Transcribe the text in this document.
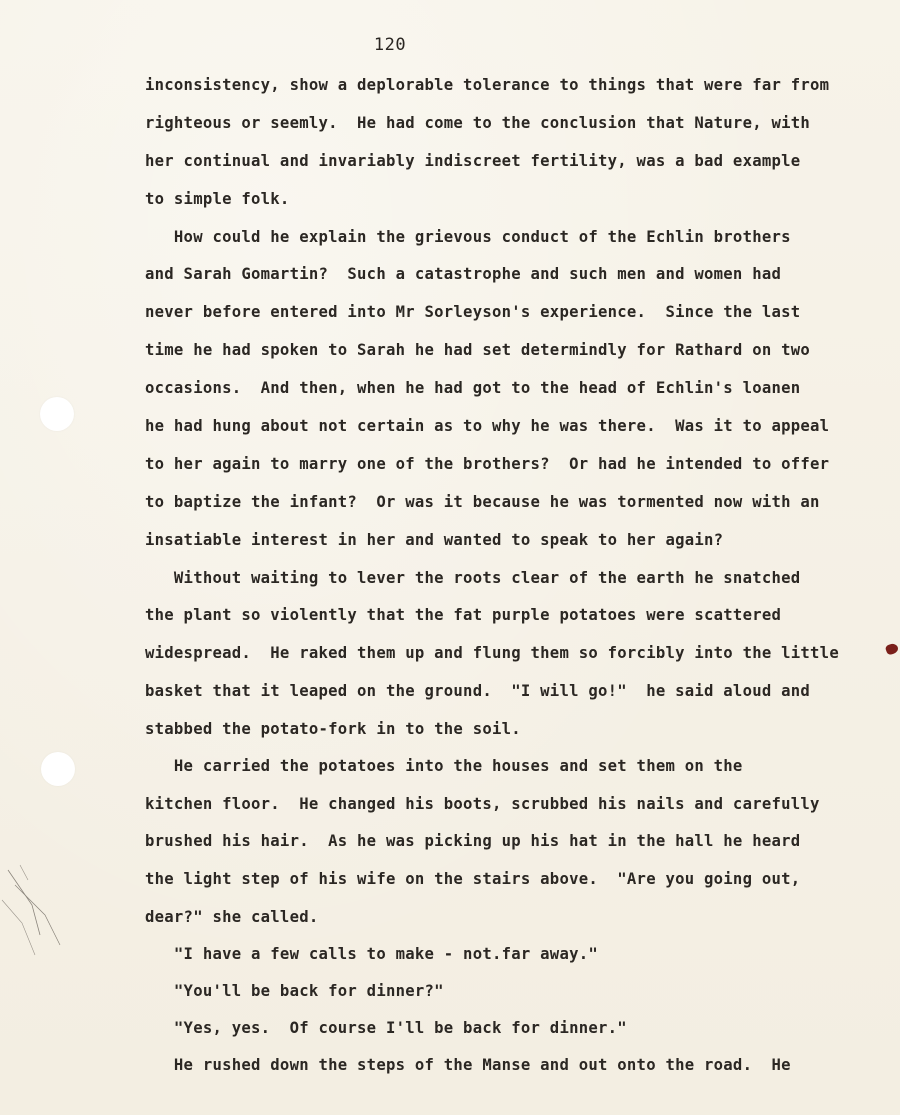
120
inconsistency, show a deplorable tolerance to things that were far from
righteous or seemly.  He had come to the conclusion that Nature, with
her continual and invariably indiscreet fertility, was a bad example
to simple folk.
How could he explain the grievous conduct of the Echlin brothers
and Sarah Gomartin?  Such a catastrophe and such men and women had
never before entered into Mr Sorleyson's experience.  Since the last
time he had spoken to Sarah he had set determindly for Rathard on two
occasions.  And then, when he had got to the head of Echlin's loanen
he had hung about not certain as to why he was there.  Was it to appeal
to her again to marry one of the brothers?  Or had he intended to offer
to baptize the infant?  Or was it because he was tormented now with an
insatiable interest in her and wanted to speak to her again?
Without waiting to lever the roots clear of the earth he snatched
the plant so violently that the fat purple potatoes were scattered
widespread.  He raked them up and flung them so forcibly into the little
basket that it leaped on the ground.  "I will go!"  he said aloud and
stabbed the potato-fork in to the soil.
He carried the potatoes into the houses and set them on the
kitchen floor.  He changed his boots, scrubbed his nails and carefully
brushed his hair.  As he was picking up his hat in the hall he heard
the light step of his wife on the stairs above.  "Are you going out,
dear?" she called.
"I have a few calls to make - not.far away."
"You'll be back for dinner?"
"Yes, yes.  Of course I'll be back for dinner."
He rushed down the steps of the Manse and out onto the road.  He
